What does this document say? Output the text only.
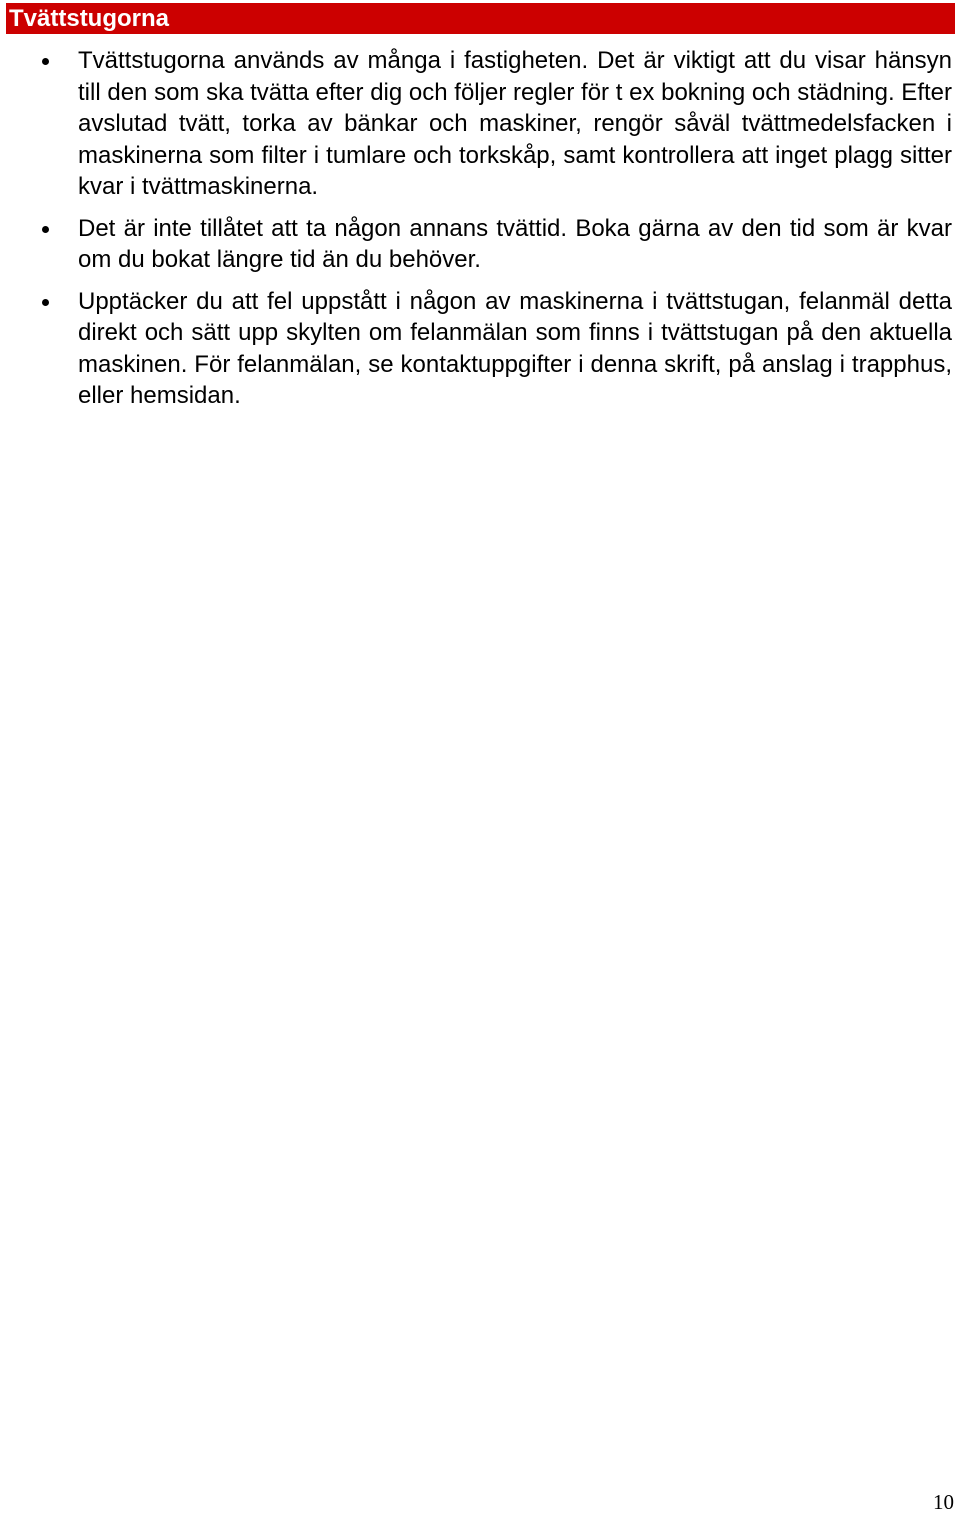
Tvättstugorna
Tvättstugorna används av många i fastigheten. Det är viktigt att du visar hänsyn till den som ska tvätta efter dig och följer regler för t ex bokning och städning. Efter avslutad tvätt, torka av bänkar och maskiner, rengör såväl tvättmedelsfacken i maskinerna som filter i tumlare och torkskåp, samt kontrollera att inget plagg sitter kvar i tvättmaskinerna.
Det är inte tillåtet att ta någon annans tvättid. Boka gärna av den tid som är kvar om du bokat längre tid än du behöver.
Upptäcker du att fel uppstått i någon av maskinerna i tvättstugan, felanmäl detta direkt och sätt upp skylten om felanmälan som finns i tvättstugan på den aktuella maskinen. För felanmälan, se kontaktuppgifter i denna skrift, på anslag i trapphus, eller hemsidan.
10
